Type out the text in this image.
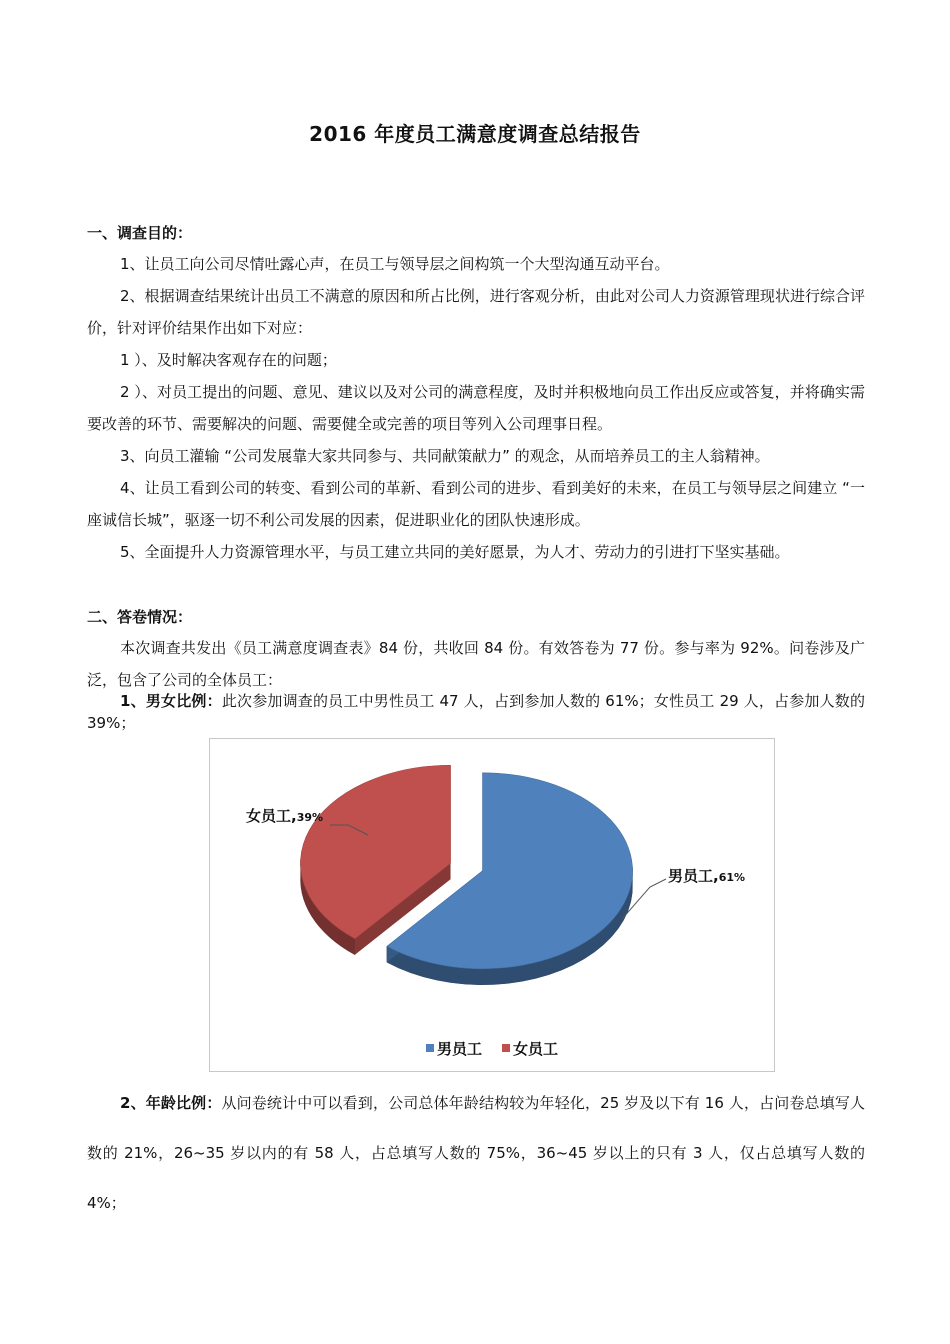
2016 年度员工满意度调查总结报告
一、调查目的：

1、让员工向公司尽情吐露心声，在员工与领导层之间构筑一个大型沟通互动平台。

2、根据调查结果统计出员工不满意的原因和所占比例，进行客观分析，由此对公司人力资源管理现状进行综合评价，针对评价结果作出如下对应：

1 ）、及时解决客观存在的问题；

2 ）、对员工提出的问题、意见、建议以及对公司的满意程度，及时并积极地向员工作出反应或答复，并将确实需要改善的环节、需要解决的问题、需要健全或完善的项目等列入公司理事日程。

3、向员工灌输 “公司发展靠大家共同参与、共同献策献力” 的观念，从而培养员工的主人翁精神。

4、让员工看到公司的转变、看到公司的革新、看到公司的进步、看到美好的未来，在员工与领导层之间建立 “一座诚信长城”，驱逐一切不利公司发展的因素，促进职业化的团队快速形成。

5、全面提升人力资源管理水平，与员工建立共同的美好愿景，为人才、劳动力的引进打下坚实基础。

二、答卷情况：

本次调查共发出《员工满意度调查表》84 份，共收回 84 份。有效答卷为 77 份。参与率为 92%。问卷涉及广泛，包含了公司的全体员工：

1、男女比例：此次参加调查的员工中男性员工 47 人，占到参加人数的 61%；女性员工 29 人，占参加人数的 39%；

男员工,61%
女员工,39%
男员工 女员工

2、年龄比例：从问卷统计中可以看到，公司总体年龄结构较为年轻化，25 岁及以下有 16 人，占问卷总填写人数的 21%，26~35 岁以内的有 58 人，占总填写人数的 75%，36~45 岁以上的只有 3 人，仅占总填写人数的 4%；
